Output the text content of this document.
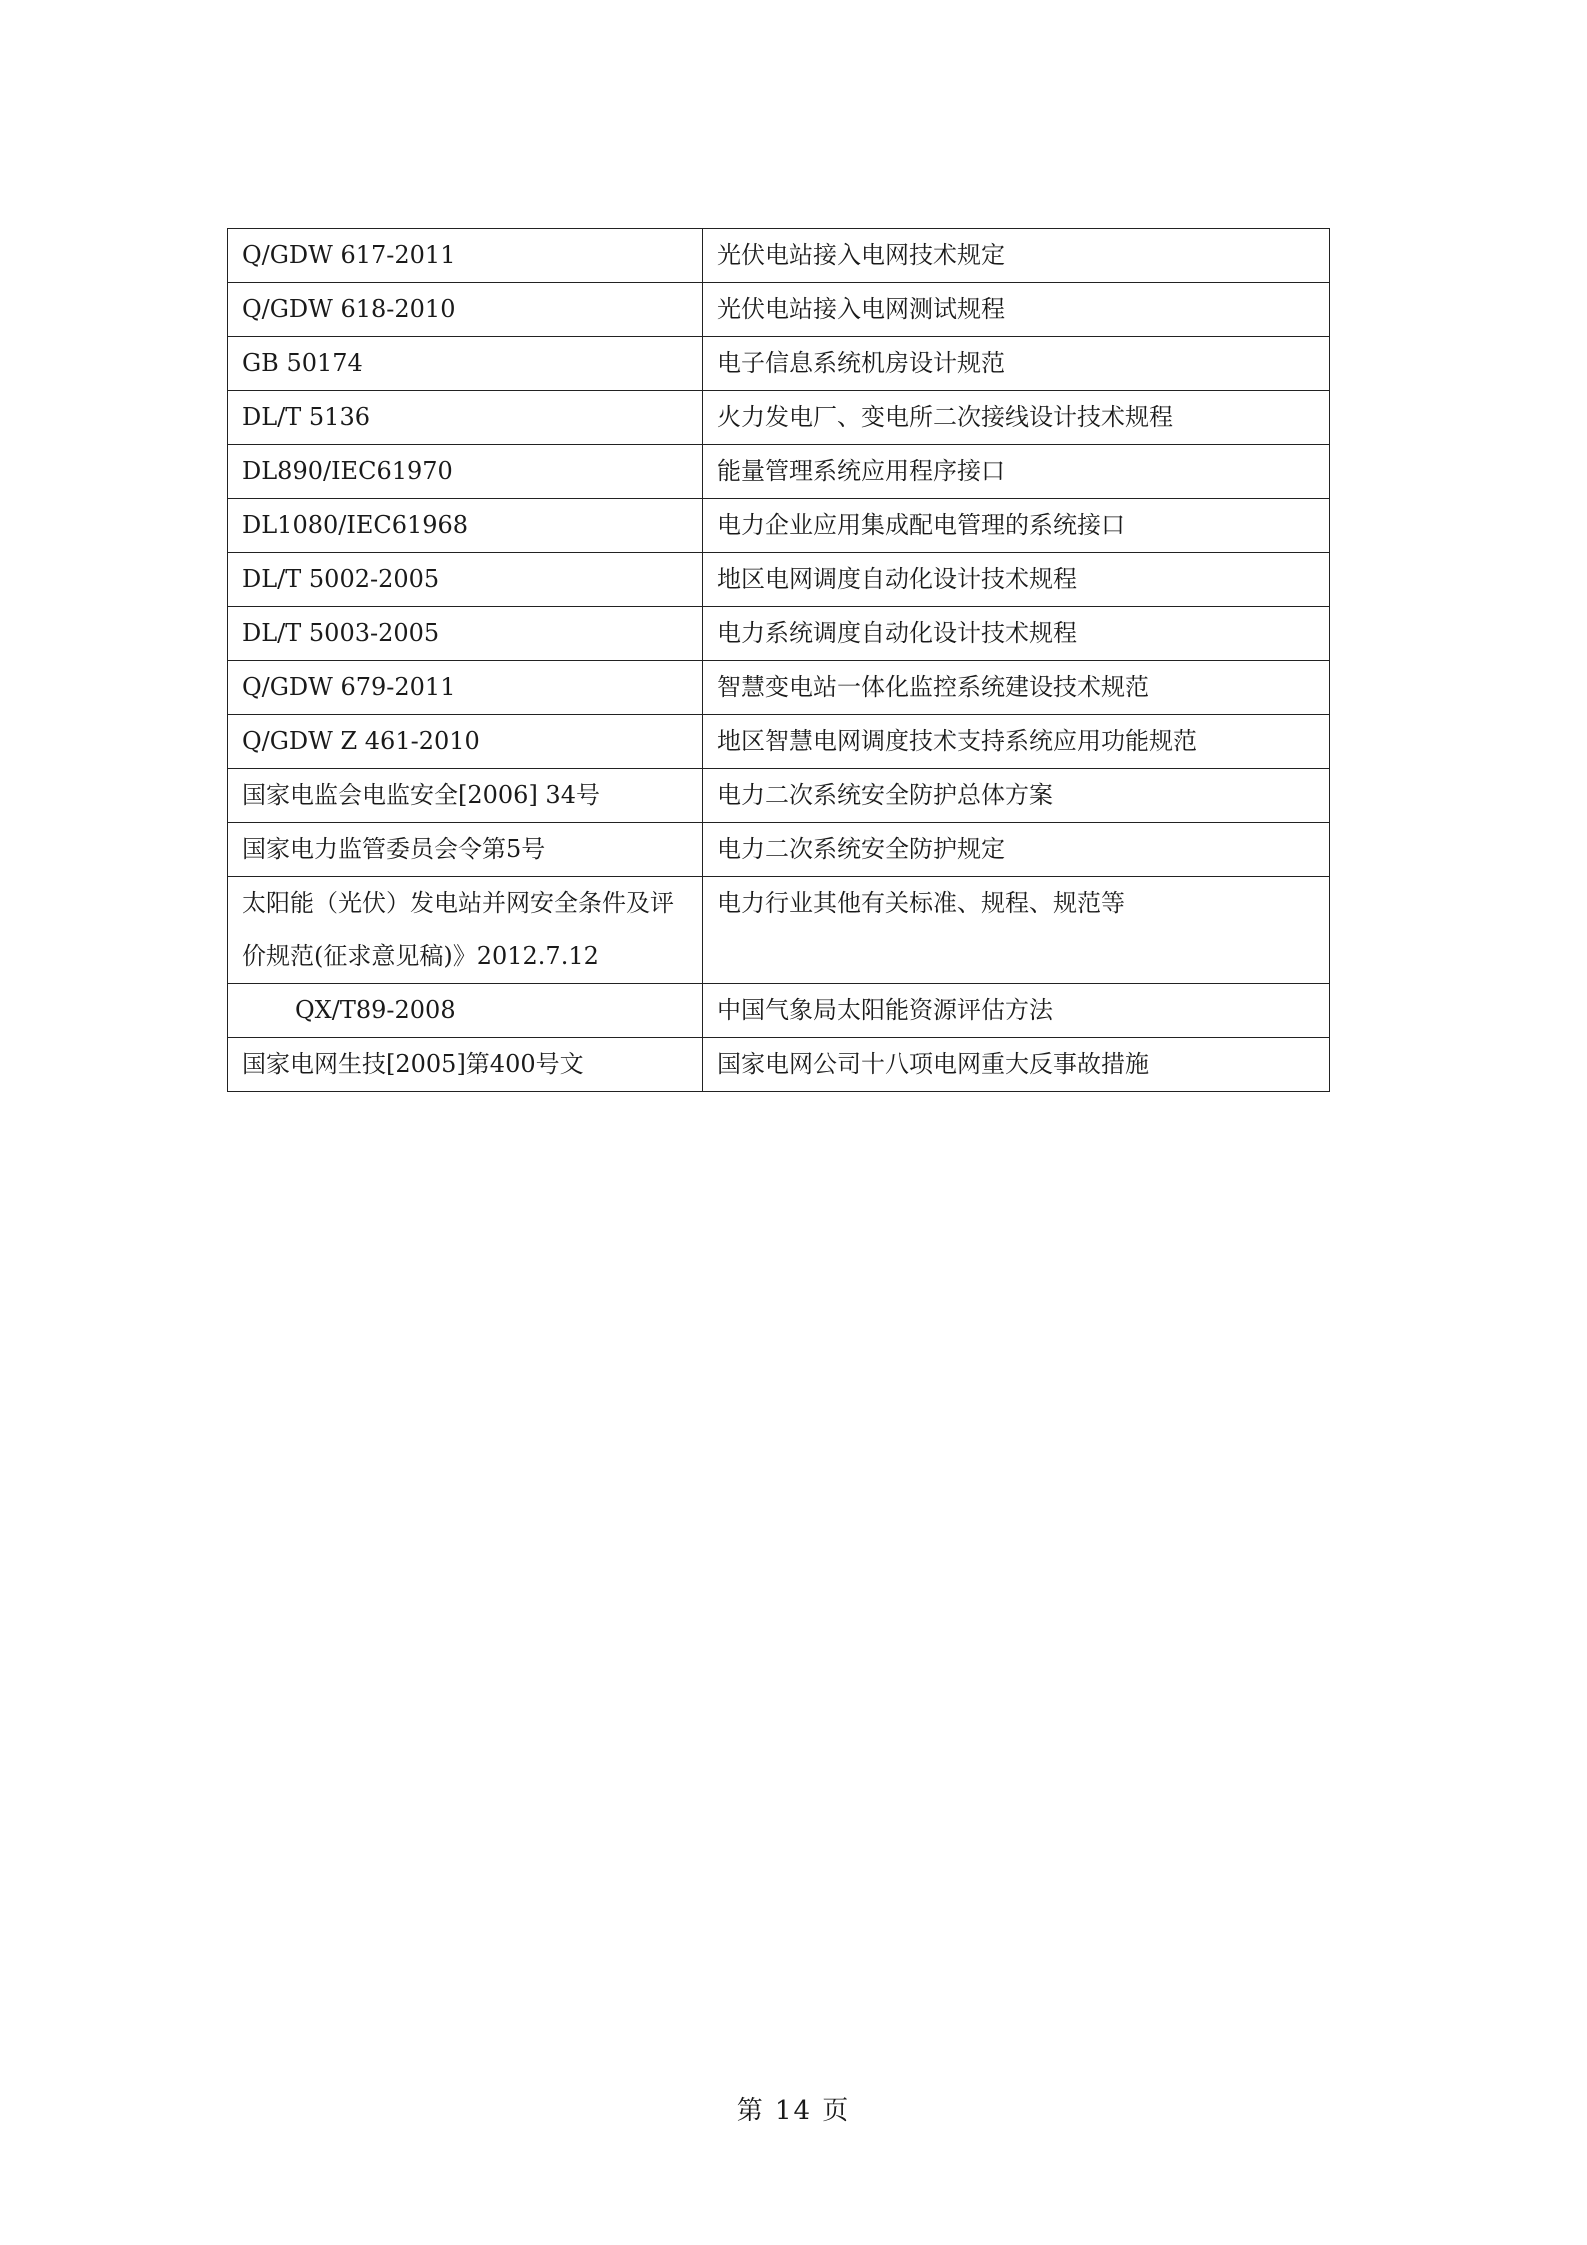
Q/GDW 617-2011	光伏电站接入电网技术规定
Q/GDW 618-2010	光伏电站接入电网测试规程
GB 50174	电子信息系统机房设计规范
DL/T 5136	火力发电厂、变电所二次接线设计技术规程
DL890/IEC61970	能量管理系统应用程序接口
DL1080/IEC61968	电力企业应用集成配电管理的系统接口
DL/T 5002-2005	地区电网调度自动化设计技术规程
DL/T 5003-2005	电力系统调度自动化设计技术规程
Q/GDW 679-2011	智慧变电站一体化监控系统建设技术规范
Q/GDW Z 461-2010	地区智慧电网调度技术支持系统应用功能规范
国家电监会电监安全[2006] 34号	电力二次系统安全防护总体方案
国家电力监管委员会令第5号	电力二次系统安全防护规定
太阳能（光伏）发电站并网安全条件及评价规范(征求意见稿)》2012.7.12	电力行业其他有关标准、规程、规范等
QX/T89-2008	中国气象局太阳能资源评估方法
国家电网生技[2005]第400号文	国家电网公司十八项电网重大反事故措施
第 14 页
